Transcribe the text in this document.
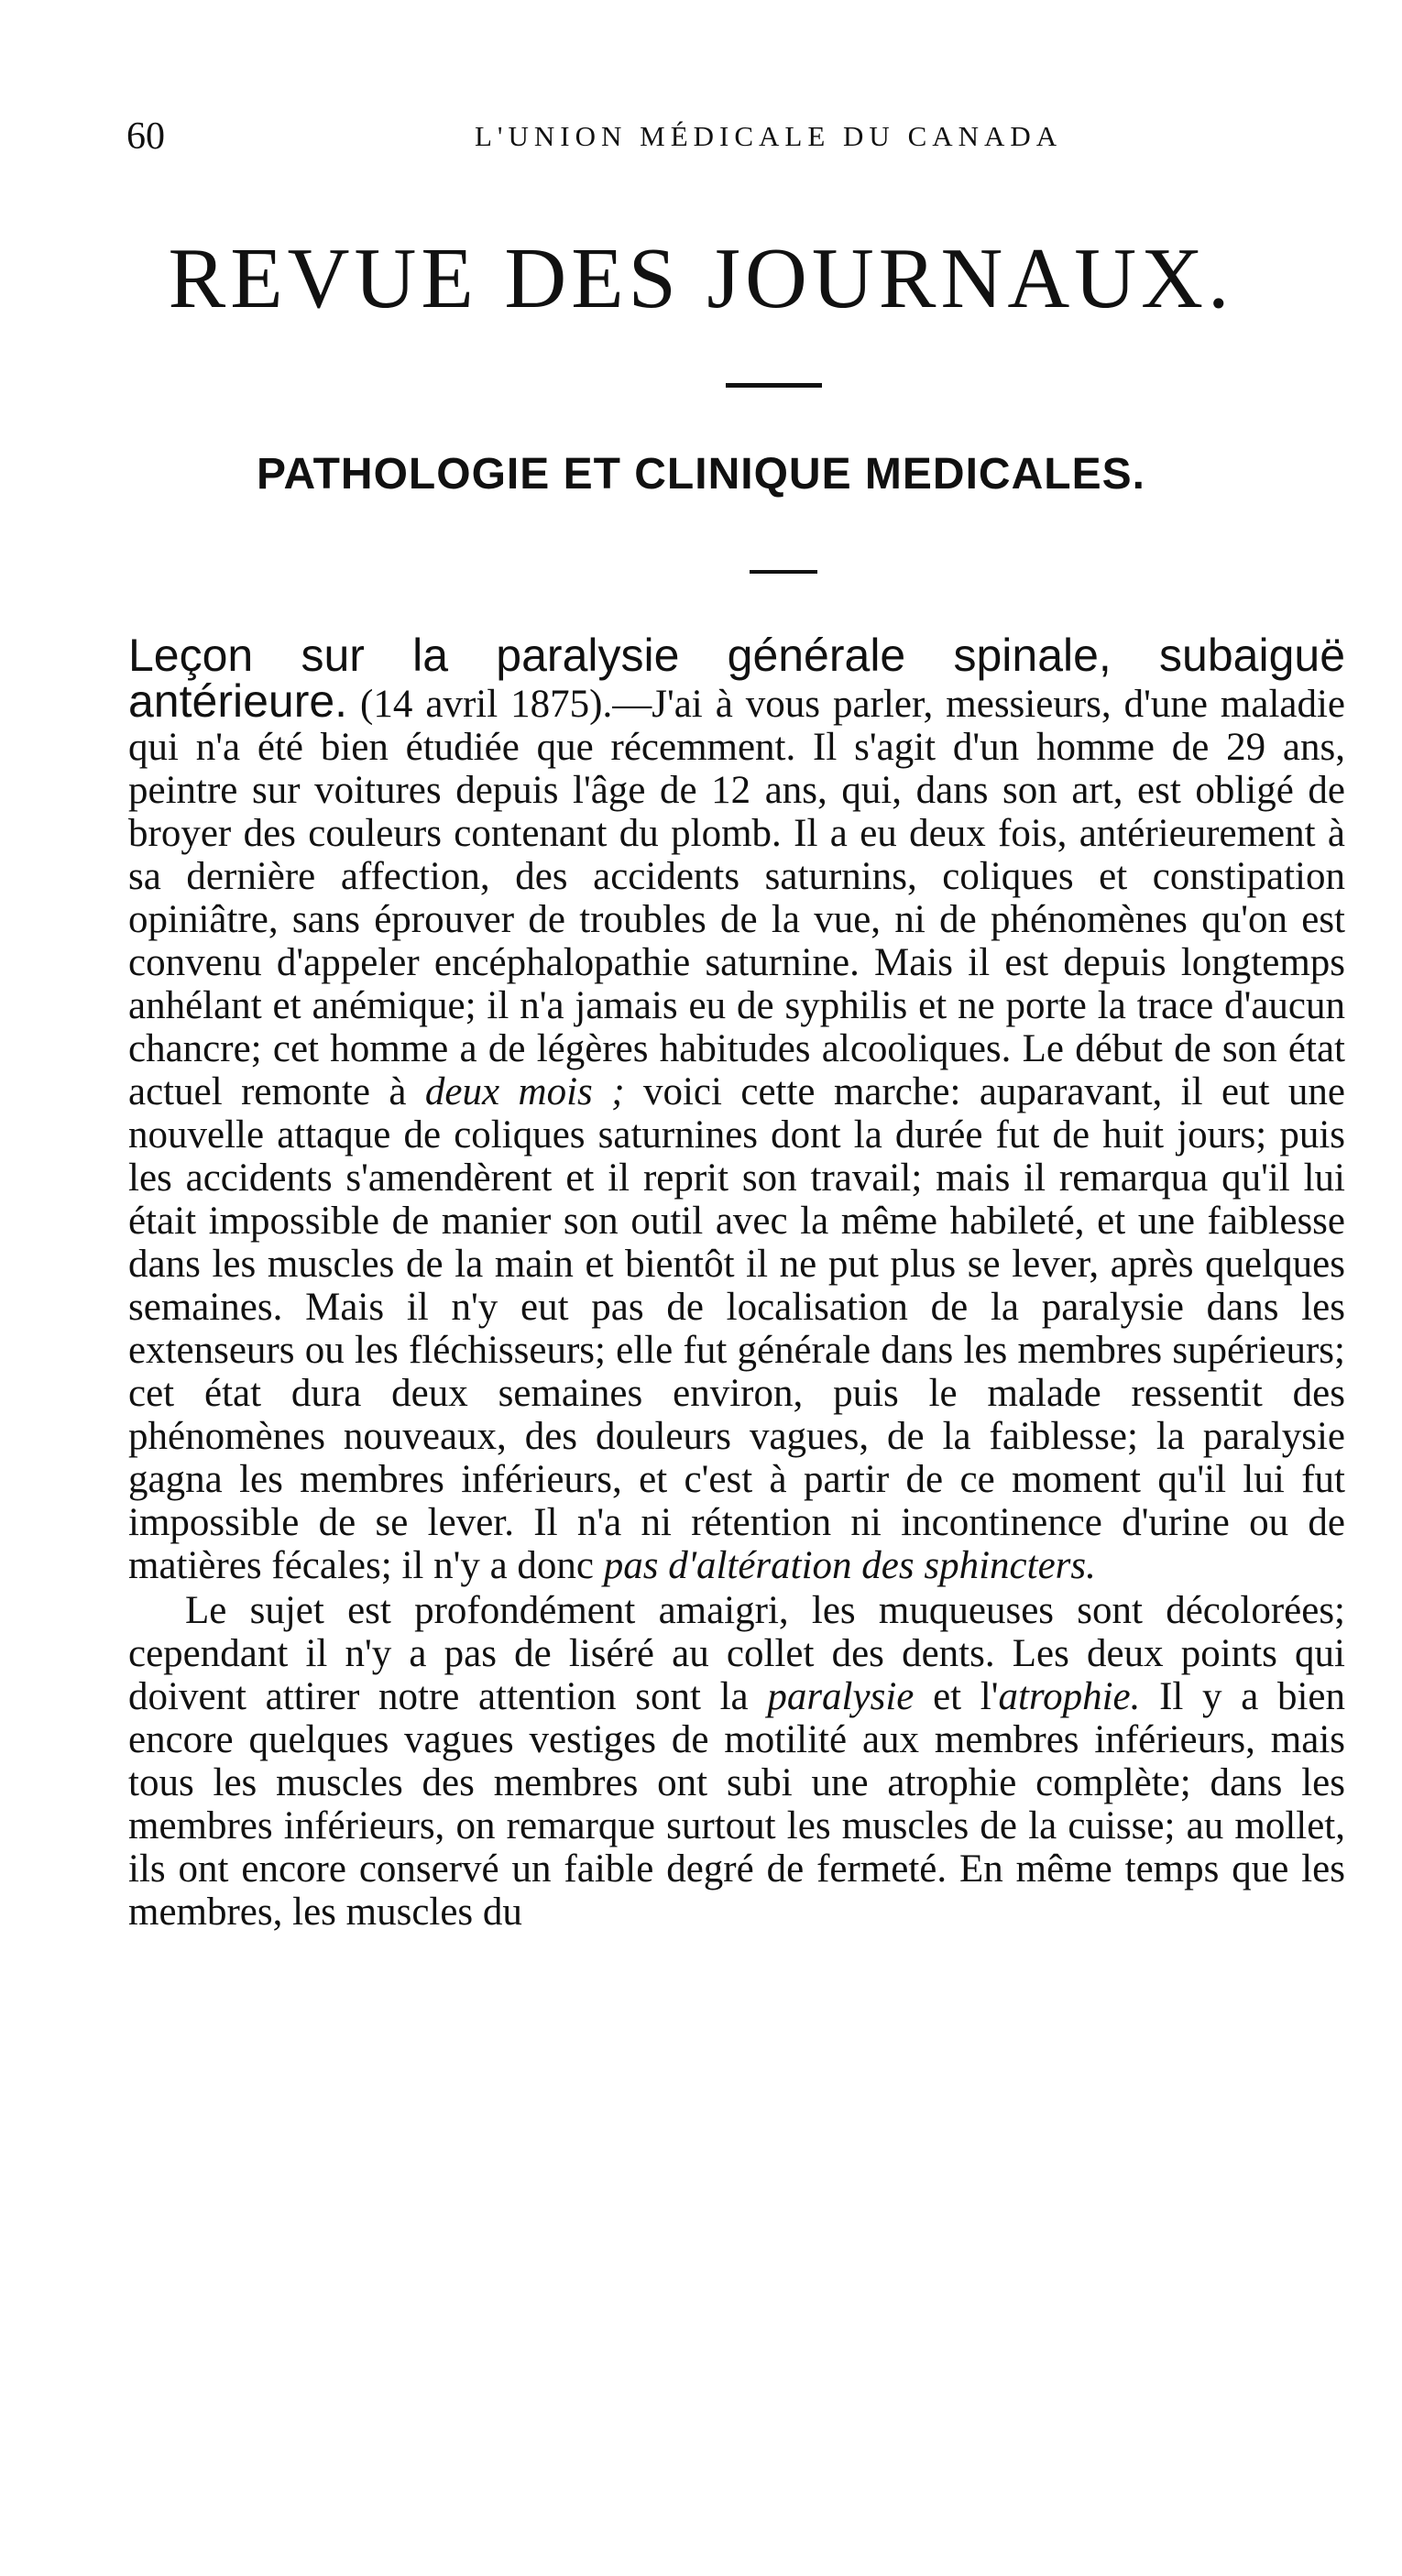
60	L'UNION MÉDICALE DU CANADA
REVUE DES JOURNAUX.
PATHOLOGIE ET CLINIQUE MEDICALES.

Leçon sur la paralysie générale spinale, subaiguë antérieure. (14 avril 1875).—J'ai à vous parler, messieurs, d'une maladie qui n'a été bien étudiée que récemment. Il s'agit d'un homme de 29 ans, peintre sur voitures depuis l'âge de 12 ans, qui, dans son art, est obligé de broyer des couleurs contenant du plomb. Il a eu deux fois, antérieurement à sa dernière affection, des accidents saturnins, coliques et constipation opiniâtre, sans éprouver de troubles de la vue, ni de phénomènes qu'on est convenu d'appeler encéphalopathie saturnine. Mais il est depuis longtemps anhélant et anémique; il n'a jamais eu de syphilis et ne porte la trace d'aucun chancre; cet homme a de légères habitudes alcooliques. Le début de son état actuel remonte à deux mois ; voici cette marche: auparavant, il eut une nouvelle attaque de coliques saturnines dont la durée fut de huit jours; puis les accidents s'amendèrent et il reprit son travail; mais il remarqua qu'il lui était impossible de manier son outil avec la même habileté, et une faiblesse dans les muscles de la main et bientôt il ne put plus se lever, après quelques semaines. Mais il n'y eut pas de localisation de la paralysie dans les extenseurs ou les fléchisseurs; elle fut générale dans les membres supérieurs; cet état dura deux semaines environ, puis le malade ressentit des phénomènes nouveaux, des douleurs vagues, de la faiblesse; la paralysie gagna les membres inférieurs, et c'est à partir de ce moment qu'il lui fut impossible de se lever. Il n'a ni rétention ni incontinence d'urine ou de matières fécales; il n'y a donc pas d'altération des sphincters.

Le sujet est profondément amaigri, les muqueuses sont décolorées; cependant il n'y a pas de liséré au collet des dents. Les deux points qui doivent attirer notre attention sont la paralysie et l'atrophie. Il y a bien encore quelques vagues vestiges de motilité aux membres inférieurs, mais tous les muscles des membres ont subi une atrophie complète; dans les membres inférieurs, on remarque surtout les muscles de la cuisse; au mollet, ils ont encore conservé un faible degré de fermeté. En même temps que les membres, les muscles du
